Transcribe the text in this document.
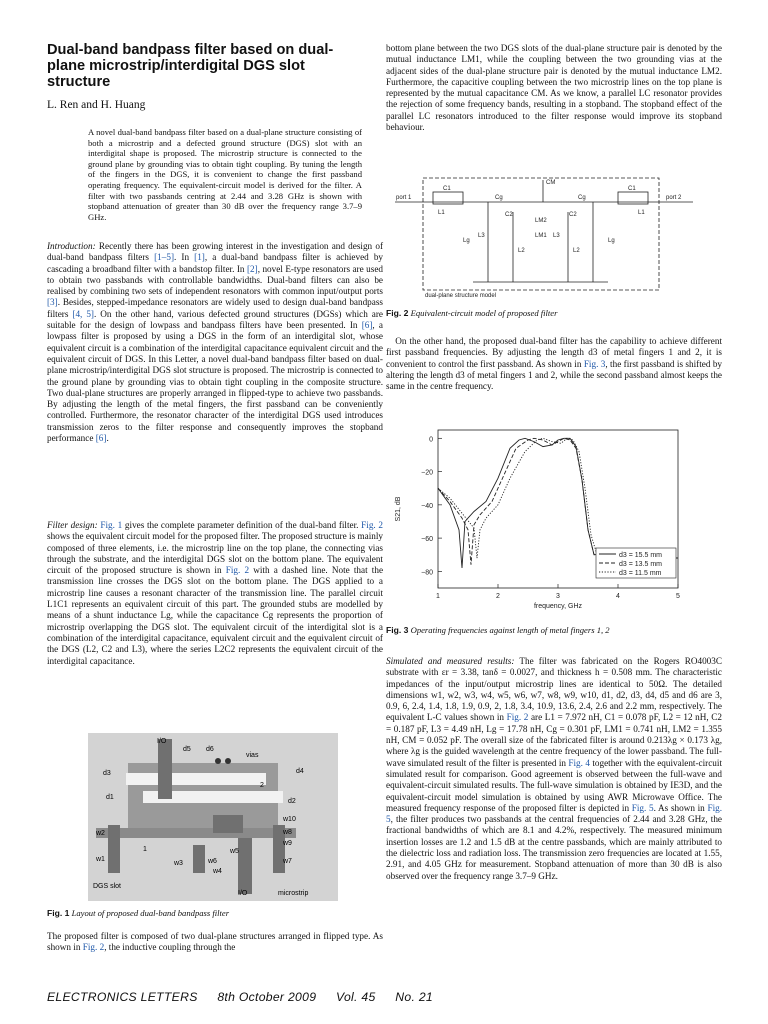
Dual-band bandpass filter based on dual-plane microstrip/interdigital DGS slot structure
L. Ren and H. Huang

A novel dual-band bandpass filter based on a dual-plane structure consisting of both a microstrip and a defected ground structure (DGS) slot with an interdigital shape is proposed. The microstrip structure is connected to the ground plane by grounding vias to obtain tight coupling. By tuning the length of the fingers in the DGS, it is convenient to change the first passband operating frequency. The equivalent-circuit model is derived for the filter. A filter with two passbands centring at 2.44 and 3.28 GHz is shown with stopband attenuation of greater than 30 dB over the frequency range 3.7–9 GHz.

Introduction: Recently there has been growing interest in the investigation and design of dual-band bandpass filters [1–5]. In [1], a dual-band bandpass filter is achieved by cascading a broadband filter with a bandstop filter. In [2], novel E-type resonators are used to obtain two passbands with controllable bandwidths. Dual-band filters can also be realised by combining two sets of independent resonators with common input/output ports [3]. Besides, stepped-impedance resonators are widely used to design dual-band bandpass filters [4, 5]. On the other hand, various defected ground structures (DGSs) which are suitable for the design of lowpass and bandpass filters have been presented. In [6], a lowpass filter is proposed by using a DGS in the form of an interdigital slot, whose equivalent circuit is a combination of the interdigital capacitance equivalent circuit and the equivalent circuit of DGS. In this Letter, a novel dual-band bandpass filter based on dual-plane microstrip/interdigital DGS slot structure is proposed. The microstrip is connected to the ground plane by grounding vias to obtain tight coupling in the composite structure. Two dual-plane structures are properly arranged in flipped-type to achieve two passbands. By adjusting the length of the metal fingers, the first passband can be conveniently controlled. Furthermore, the resonator character of the interdigital DGS used introduces transmission zeros to the filter response and consequently improves the stopband performance [6].

Filter design: Fig. 1 gives the complete parameter definition of the dual-band filter. Fig. 2 shows the equivalent circuit model for the proposed filter. The proposed structure is mainly composed of three elements, i.e. the microstrip line on the top plane, the connecting vias through the substrate, and the interdigital DGS slot on the bottom plane. The equivalent circuit of the proposed structure is shown in Fig. 2 with a dashed line. Note that the transmission line crosses the DGS slot on the bottom plane. The DGS applied to a microstrip line causes a resonant character of the transmission line. The parallel circuit L1C1 represents an equivalent circuit of this part. The grounded stubs are modelled by means of a shunt inductance Lg, while the capacitance Cg represents the proportion of microstrip overlapping the DGS slot. The equivalent circuit of the interdigital slot is a combination of the interdigital capacitance, equivalent circuit and the equivalent circuit of the DGS (L2, C2 and L3), where the series L2C2 represents the equivalent circuit of the interdigital capacitance.

I/O
d5 d6
vias
d3	d4
2
d1
d2
w10
w8
w9
w2
1
w6
w1
w3
w5
w4
w7
DGS slot
I/O	microstrip

Fig. 1 Layout of proposed dual-band bandpass filter

The proposed filter is composed of two dual-plane structures arranged in flipped type. As shown in Fig. 2, the inductive coupling through the

bottom plane between the two DGS slots of the dual-plane structure pair is denoted by the mutual inductance LM1, while the coupling between the two grounding vias at the adjacent sides of the dual-plane structure pair is denoted by the mutual inductance LM2. Furthermore, the capacitive coupling between the two microstrip lines on the top plane is represented by the mutual capacitance CM. As we know, a parallel LC resonator provides the rejection of some frequency bands, resulting in a stopband. The stopband effect of the parallel LC resonators introduced to the filter response would improve its stopband behaviour.

port 1	port 2
C1	C1
L1	L1
CM
Cg	Cg
C2	C2
LM2
LM1
L3	L3
L2	L2
Lg	Lg
dual-plane structure model

Fig. 2 Equivalent-circuit model of proposed filter

 On the other hand, the proposed dual-band filter has the capability to achieve different first passband frequencies. By adjusting the length d3 of metal fingers 1 and 2, it is convenient to control the first passband. As shown in Fig. 3, the first passband is shifted by altering the length d3 of metal fingers 1 and 2, while the second passband almost keeps the same in the centre frequency.

0
−20
−40
−60
−80
1	2	3	4	5
frequency, GHz
S21, dB
d3 = 15.5 mm
d3 = 13.5 mm
d3 = 11.5 mm

Fig. 3 Operating frequencies against length of metal fingers 1, 2

Simulated and measured results: The filter was fabricated on the Rogers RO4003C substrate with εr = 3.38, tanδ = 0.0027, and thickness h = 0.508 mm. The characteristic impedances of the input/output microstrip lines are identical to 50Ω. The detailed dimensions w1, w2, w3, w4, w5, w6, w7, w8, w9, w10, d1, d2, d3, d4, d5 and d6 are 3, 0.9, 6, 2.4, 1.4, 1.8, 1.9, 0.9, 2, 1.8, 3.4, 10.9, 13.6, 2.4, 2.6 and 2.2 mm, respectively. The equivalent L-C values shown in Fig. 2 are L1 = 7.972 nH, C1 = 0.078 pF, L2 = 12 nH, C2 = 0.187 pF, L3 = 4.49 nH, Lg = 17.78 nH, Cg = 0.301 pF, LM1 = 0.741 nH, LM2 = 1.355 nH, CM = 0.052 pF. The overall size of the fabricated filter is around 0.213λg × 0.173 λg, where λg is the guided wavelength at the centre frequency of the lower passband. The full-wave simulated result of the filter is presented in Fig. 4 together with the equivalent-circuit simulated result for comparison. Good agreement is observed between the full-wave and equivalent-circuit simulated results. The full-wave simulation is obtained by IE3D, and the equivalent-circuit model simulation is obtained by using AWR Microwave Office. The measured frequency response of the proposed filter is depicted in Fig. 5. As shown in Fig. 5, the filter produces two passbands at the central frequencies of 2.44 and 3.28 GHz, the fractional bandwidths of which are 8.1 and 4.2%, respectively. The measured minimum insertion losses are 1.2 and 1.5 dB at the centre passbands, which are mainly attributed to the dielectric loss and radiation loss. The transmission zero frequencies are located at 1.55, 2.91, and 4.05 GHz for measurement. Stopband attenuation of more than 30 dB is also observed over the frequency range 3.7–9 GHz.

ELECTRONICS LETTERS 8th October 2009 Vol. 45 No. 21
